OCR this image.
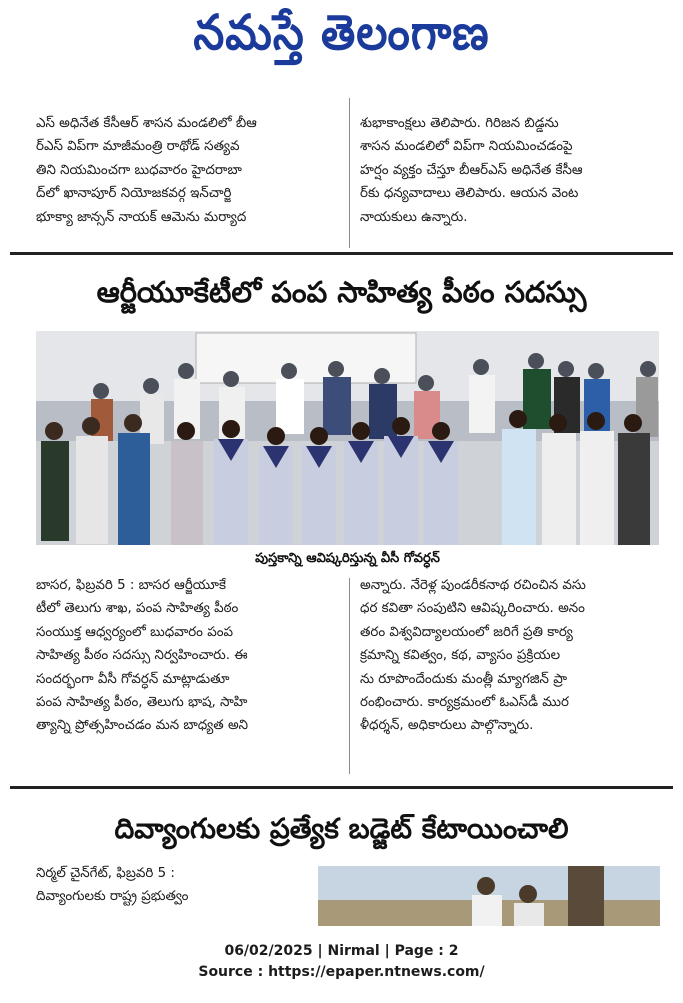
నమస్తే తెలంగాణ

ఎస్ అధినేత కేసీఆర్ శాసన మండలిలో బీఆ

ర్ఎస్ విప్‌గా మాజీమంత్రి రాథోడ్ సత్యవ

తిని నియమించగా బుధవారం హైదరాబా

ద్‌లో ఖానాపూర్ నియోజకవర్గ ఇన్‌చార్జి

భూక్యా జాన్సన్ నాయక్ ఆమెను మర్యాద

శుభాకాంక్షలు తెలిపారు. గిరిజన బిడ్డను

శాసన మండలిలో విప్‌గా నియమించడంపై

హర్షం వ్యక్తం చేస్తూ బీఆర్ఎస్ అధినేత కేసీఆ

ర్‌కు ధన్యవాదాలు తెలిపారు. ఆయన వెంట

నాయకులు ఉన్నారు.

ఆర్జీయూకేటీలో పంప సాహిత్య పీఠం సదస్సు
పుస్తకాన్ని ఆవిష్కరిస్తున్న వీసీ గోవర్ధన్

బాసర, ఫిబ్రవరి 5 : బాసర ఆర్జీయూకే

టీలో తెలుగు శాఖ, పంప సాహిత్య పీఠం

సంయుక్త ఆధ్వర్యంలో బుధవారం పంప

సాహిత్య పీఠం సదస్సు నిర్వహించారు. ఈ

సందర్భంగా వీసీ గోవర్ధన్ మాట్లాడుతూ

పంప సాహిత్య పీఠం, తెలుగు భాష, సాహి

త్యాన్ని ప్రోత్సహించడం మన బాధ్యత అని

అన్నారు. నేరెళ్ల పుండరీకనాథ రచించిన వసు

ధర కవితా సంపుటిని ఆవిష్కరించారు. అనం

తరం విశ్వవిద్యాలయంలో జరిగే ప్రతి కార్య

క్రమాన్ని కవిత్వం, కథ, వ్యాసం ప్రక్రియల

ను రూపొందేందుకు మంత్లీ మ్యాగజిన్ ప్రా

రంభించారు. కార్యక్రమంలో ఓఎస్‌డీ ముర

ళీధర్శన్, అధికారులు పాల్గొన్నారు.

దివ్యాంగులకు ప్రత్యేక బడ్జెట్ కేటాయించాలి

నిర్మల్ చైన్‌గేట్, ఫిబ్రవరి 5 :

దివ్యాంగులకు రాష్ట్ర ప్రభుత్వం

06/02/2025 | Nirmal | Page : 2
Source : https://epaper.ntnews.com/
